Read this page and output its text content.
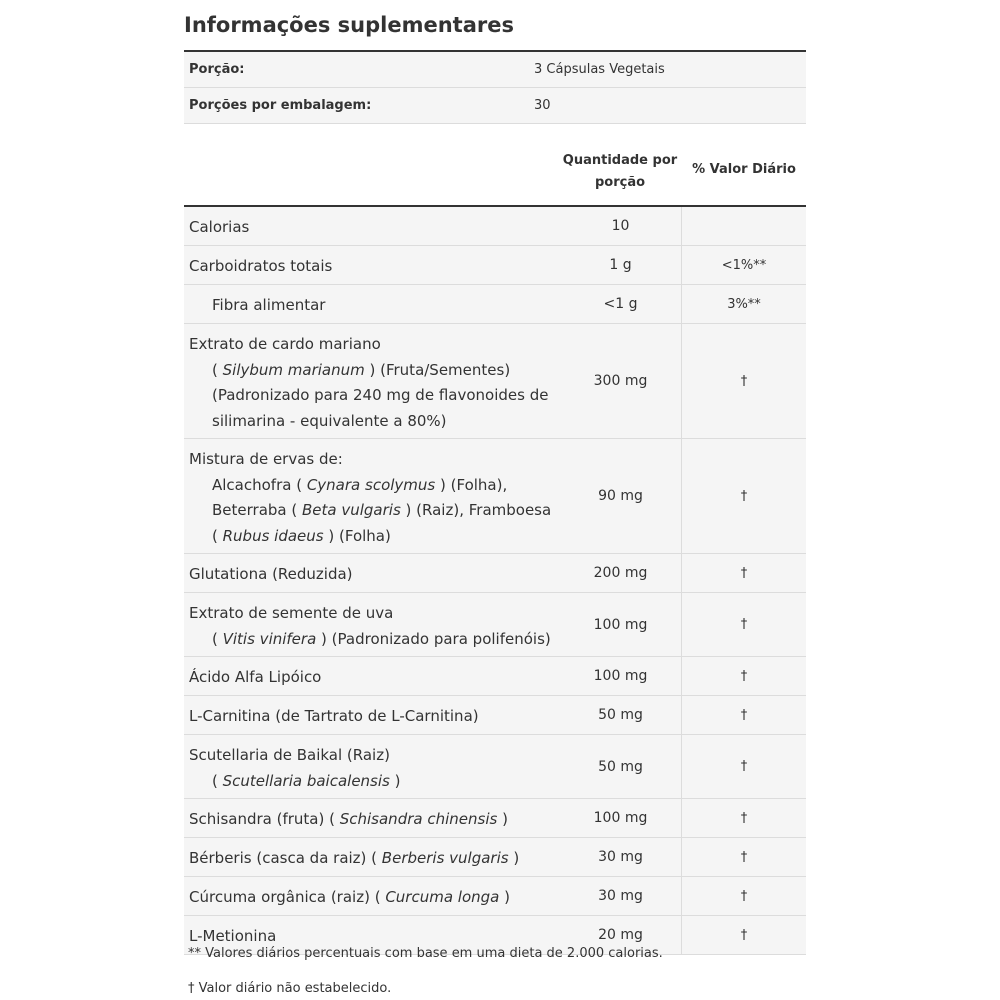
Informações suplementares
Porção:	3 Cápsulas Vegetais
Porções por embalagem:	30
Quantidade por
porção
% Valor Diário
Calorias	10
Carboidratos totais	1 g	<1%**
Fibra alimentar	<1 g	3%**
Extrato de cardo mariano
( Silybum marianum ) (Fruta/Sementes)
(Padronizado para 240 mg de flavonoides de
silimarina - equivalente a 80%)
300 mg	†
Mistura de ervas de:
Alcachofra ( Cynara scolymus ) (Folha),
Beterraba ( Beta vulgaris ) (Raiz), Framboesa
( Rubus idaeus ) (Folha)
90 mg	†
Glutationa (Reduzida)	200 mg	†
Extrato de semente de uva
( Vitis vinifera ) (Padronizado para polifenóis)
100 mg	†
Ácido Alfa Lipóico	100 mg	†
L-Carnitina (de Tartrato de L-Carnitina)	50 mg	†
Scutellaria de Baikal (Raiz)
( Scutellaria baicalensis )
50 mg	†
Schisandra (fruta) ( Schisandra chinensis )	100 mg	†
Bérberis (casca da raiz) ( Berberis vulgaris )	30 mg	†
Cúrcuma orgânica (raiz) ( Curcuma longa )	30 mg	†
L-Metionina	20 mg	†
** Valores diários percentuais com base em uma dieta de 2.000 calorias.
† Valor diário não estabelecido.
